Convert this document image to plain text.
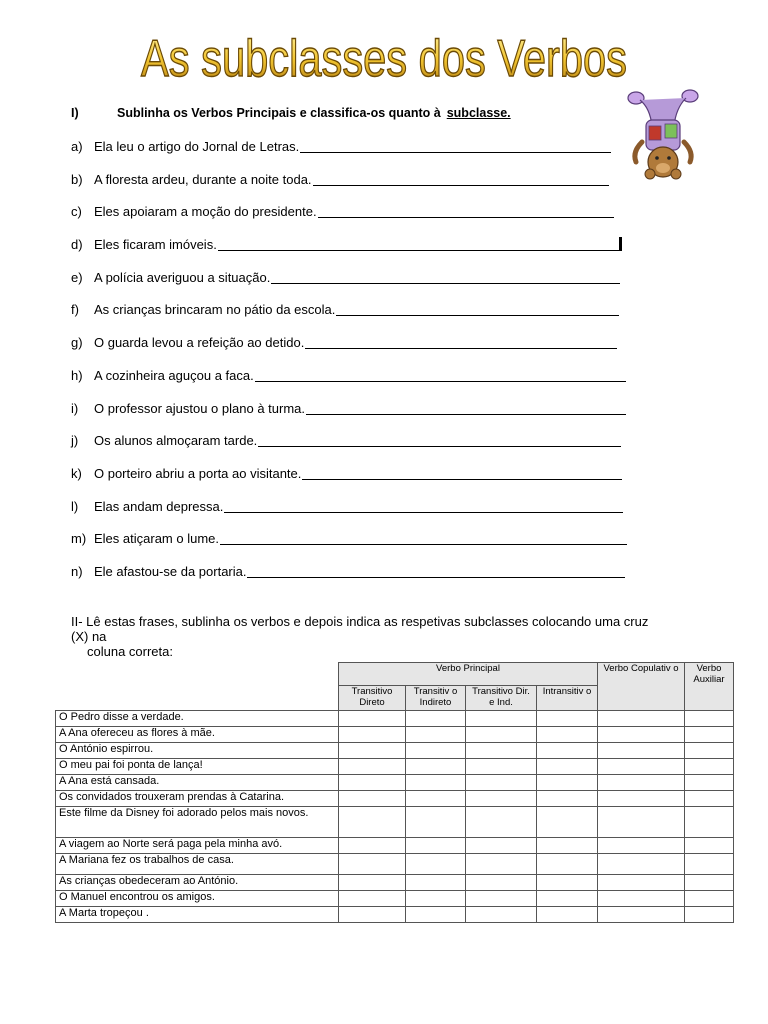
As subclasses dos Verbos
I)	Sublinha os Verbos Principais e classifica-os quanto à subclasse.
a) Ela leu o artigo do Jornal de Letras.
b) A floresta ardeu, durante a noite toda.
c) Eles apoiaram a moção do presidente.
d) Eles ficaram imóveis.
e) A polícia averiguou a situação.
f)	As crianças brincaram no pátio da escola.
g) O guarda levou a refeição ao detido.
h) A cozinheira aguçou a faca.
i)	O professor ajustou o plano à turma.
j)	Os alunos almoçaram tarde.
k) O porteiro abriu a porta ao visitante.
l)	Elas andam depressa.
m) Eles atiçaram o lume.
n) Ele afastou-se da portaria.
II- Lê estas frases, sublinha os verbos e depois indica as respetivas subclasses colocando uma cruz
(X) na
coluna correta:
	Verbo Principal				Verbo Copulativ o	Verbo Auxiliar
	Transitivo Direto	Transitiv o Indireto	Transitivo Dir. e Ind.	Intransitiv o		
O Pedro disse a verdade.						
A Ana ofereceu as flores à mãe.						
O António espirrou.						
O meu pai foi ponta de lança!						
A Ana está cansada.						
Os convidados trouxeram prendas à Catarina.						
Este filme da Disney foi adorado pelos mais novos.						
A viagem ao Norte será paga pela minha avó.						
A Mariana fez os trabalhos de casa.						
As crianças obedeceram ao António.						
O Manuel encontrou os amigos.						
A Marta tropeçou .						
